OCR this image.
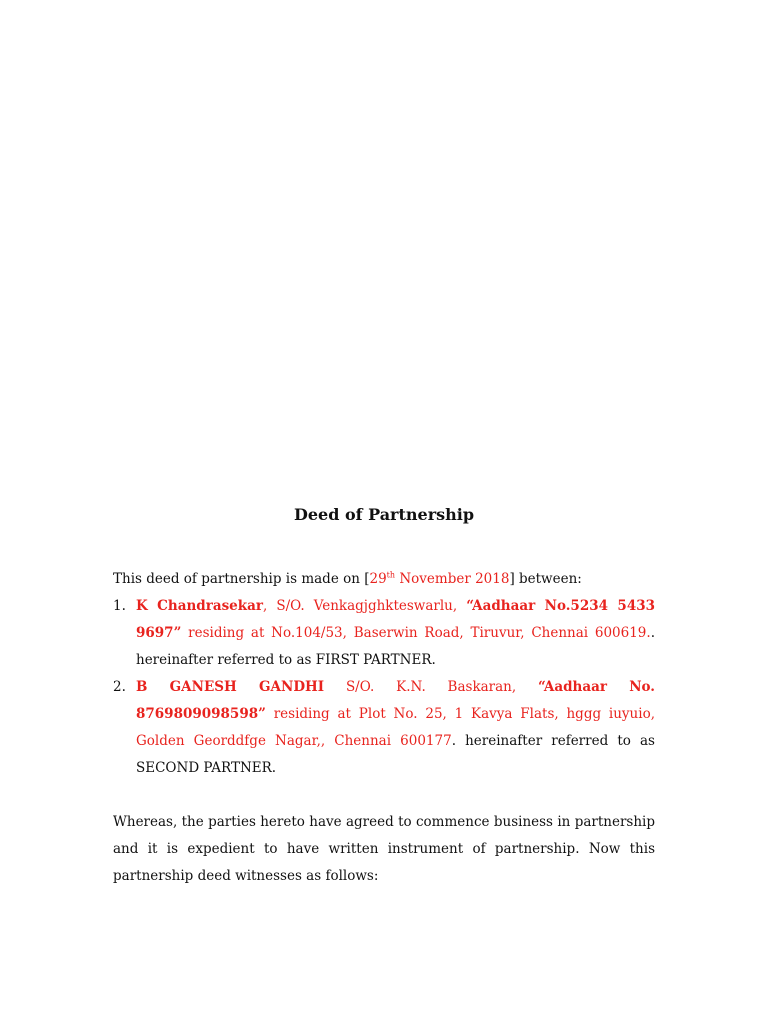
Deed of Partnership

This deed of partnership is made on [29th November 2018] between:

1. K Chandrasekar, S/O. Venkagjghkteswarlu, “Aadhaar No.5234 5433 9697” residing at No.104/53, Baserwin Road, Tiruvur, Chennai 600619.. hereinafter referred to as FIRST PARTNER.

2. B GANESH GANDHI S/O. K.N. Baskaran, “Aadhaar No. 8769809098598” residing at Plot No. 25, 1 Kavya Flats, hggg iuyuio, Golden Georddfge Nagar,, Chennai 600177. hereinafter referred to as SECOND PARTNER.

Whereas, the parties hereto have agreed to commence business in partnership and it is expedient to have written instrument of partnership. Now this partnership deed witnesses as follows:
